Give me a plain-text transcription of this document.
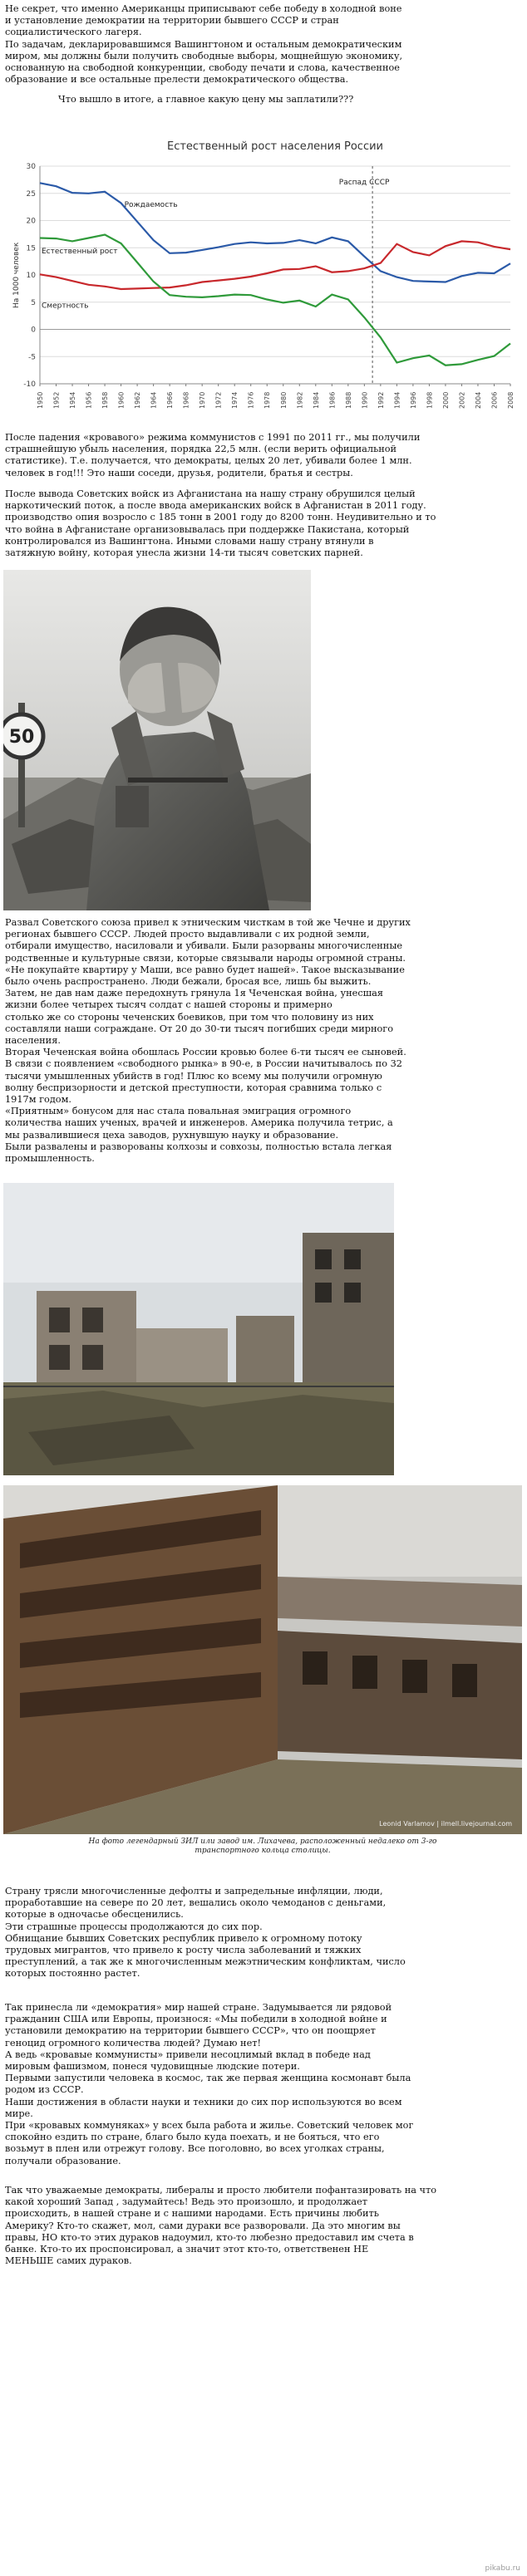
Не секрет, что именно Американцы приписывают себе победу в холодной воне

и установление демократии на территории бывшего СССР и стран

социалистического лагеря.

По задачам, декларировавшимся Вашингтоном и остальным демократическим

миром, мы должны были получить свободные выборы, мощнейшую экономику,

основанную на свободной конкуренции, свободу печати и слова, качественное

образование и все остальные прелести демократического общества.

Что вышло в итоге, а главное какую цену мы заплатили???

Естественный рост населения России
-10
-5
0
5
10
15
20
25
30
1950 1952 1954 1956 1958 1960 1962 1964 1966 1968 1970 1972 1974 1976 1978 1980 1982 1984 1986 1988 1990 1992 1994 1996 1998 2000 2002 2004 2006 2008
На 1000 человек
Распад СССР
Рождаемость
Естественный рост
Смертность

После падения «кровавого» режима коммунистов с 1991 по 2011 гг., мы получили

страшнейшую убыль населения, порядка 22,5 млн. (если верить официальной

статистике). Т.е. получается, что демократы, целых 20 лет, убивали более 1 млн.

человек в год!!! Это наши соседи, друзья, родители, братья и сестры.

После вывода Советских войск из Афганистана на нашу страну обрушился целый

наркотический поток, а после ввода американских войск в Афганистан в 2011 году.

производство опия возросло с 185 тонн в 2001 году до 8200 тонн. Неудивительно и то

что война в Афганистане организовывалась при поддержке Пакистана, который

контролировался из Вашингтона. Иными словами нашу страну втянули в

затяжную войну, которая унесла жизни 14-ти тысяч советских парней.

50

Развал Советского союза привел к этническим чисткам в той же Чечне и других

регионах бывшего СССР. Людей просто выдавливали с их родной земли,

отбирали имущество, насиловали и убивали. Были разорваны многочисленные

родственные и культурные связи, которые связывали народы огромной страны.

«Не покупайте квартиру у Маши, все равно будет нашей». Такое высказывание

было очень распространено. Люди бежали, бросая все, лишь бы выжить.

Затем, не дав нам даже передохнуть грянула 1я Чеченская война, унесшая

жизни более четырех тысяч солдат с нашей стороны и примерно

столько же со стороны чеченских боевиков, при том что половину из них

составляли наши сограждане. От 20 до 30-ти тысяч погибших среди мирного

населения.

Вторая Чеченская война обошлась России кровью более 6-ти тысяч ее сыновей.

В связи с появлением «свободного рынка» в 90-е, в России начитывалось по 32

тысячи умышленных убийств в год! Плюс ко всему мы получили огромную

волну беспризорности и детской преступности, которая сравнима только с

1917м годом.

«Приятным» бонусом для нас стала повальная эмиграция огромного

количества наших ученых, врачей и инженеров. Америка получила тетрис, а

мы развалившиеся цеха заводов, рухнувшую науку и образование.

Были развалены и разворованы колхозы и совхозы, полностью встала легкая

промышленность.

Leonid Varlamov | ilmell.livejournal.com
На фото легендарный ЗИЛ или завод им. Лихачева, расположенный недалеко от 3-го
транспортного кольца столицы.

Страну трясли многочисленные дефолты и запредельные инфляции, люди,

проработавшие на севере по 20 лет, вешались около чемоданов с деньгами,

которые в одночасье обесценились.

Эти страшные процессы продолжаются до сих пор.

Обнищание бывших Советских республик привело к огромному потоку

трудовых мигрантов, что привело к росту числа заболеваний и тяжких

преступлений, а так же к многочисленным межэтническим конфликтам, число

которых постоянно растет.

Так принесла ли «демократия» мир нашей стране. Задумывается ли рядовой

гражданин США или Европы, произнося: «Мы победили в холодной войне и

установили демократию на территории бывшего СССР», что он поощряет

геноцид огромного количества людей? Думаю нет!

А ведь «кровавые коммунисты» привели несоцлимый вклад в победе над

мировым фашизмом, понеся чудовищные людские потери.

Первыми запустили человека в космос, так же первая женщина космонавт была

родом из СССР.

Наши достижения в области науки и техники до сих пор используются во всем

мире.

При «кровавых коммуняках» у всех была работа и жилье. Советский человек мог

спокойно ездить по стране, благо было куда поехать, и не бояться, что его

возьмут в плен или отрежут голову. Все поголовно, во всех уголках страны,

получали образование.

Так что уважаемые демократы, либералы и просто любители пофантазировать на что

какой хороший Запад , задумайтесь! Ведь это произошло, и продолжает

происходить, в нашей стране и с нашими народами. Есть причины любить

Америку? Кто-то скажет, мол, сами дураки все разворовали. Да это многим вы

правы, НО кто-то этих дураков надоумил, кто-то любезно предоставил им счета в

банке. Кто-то их проспонсировал, а значит этот кто-то, ответственен НЕ

МЕНЬШЕ самих дураков.

pikabu.ru
